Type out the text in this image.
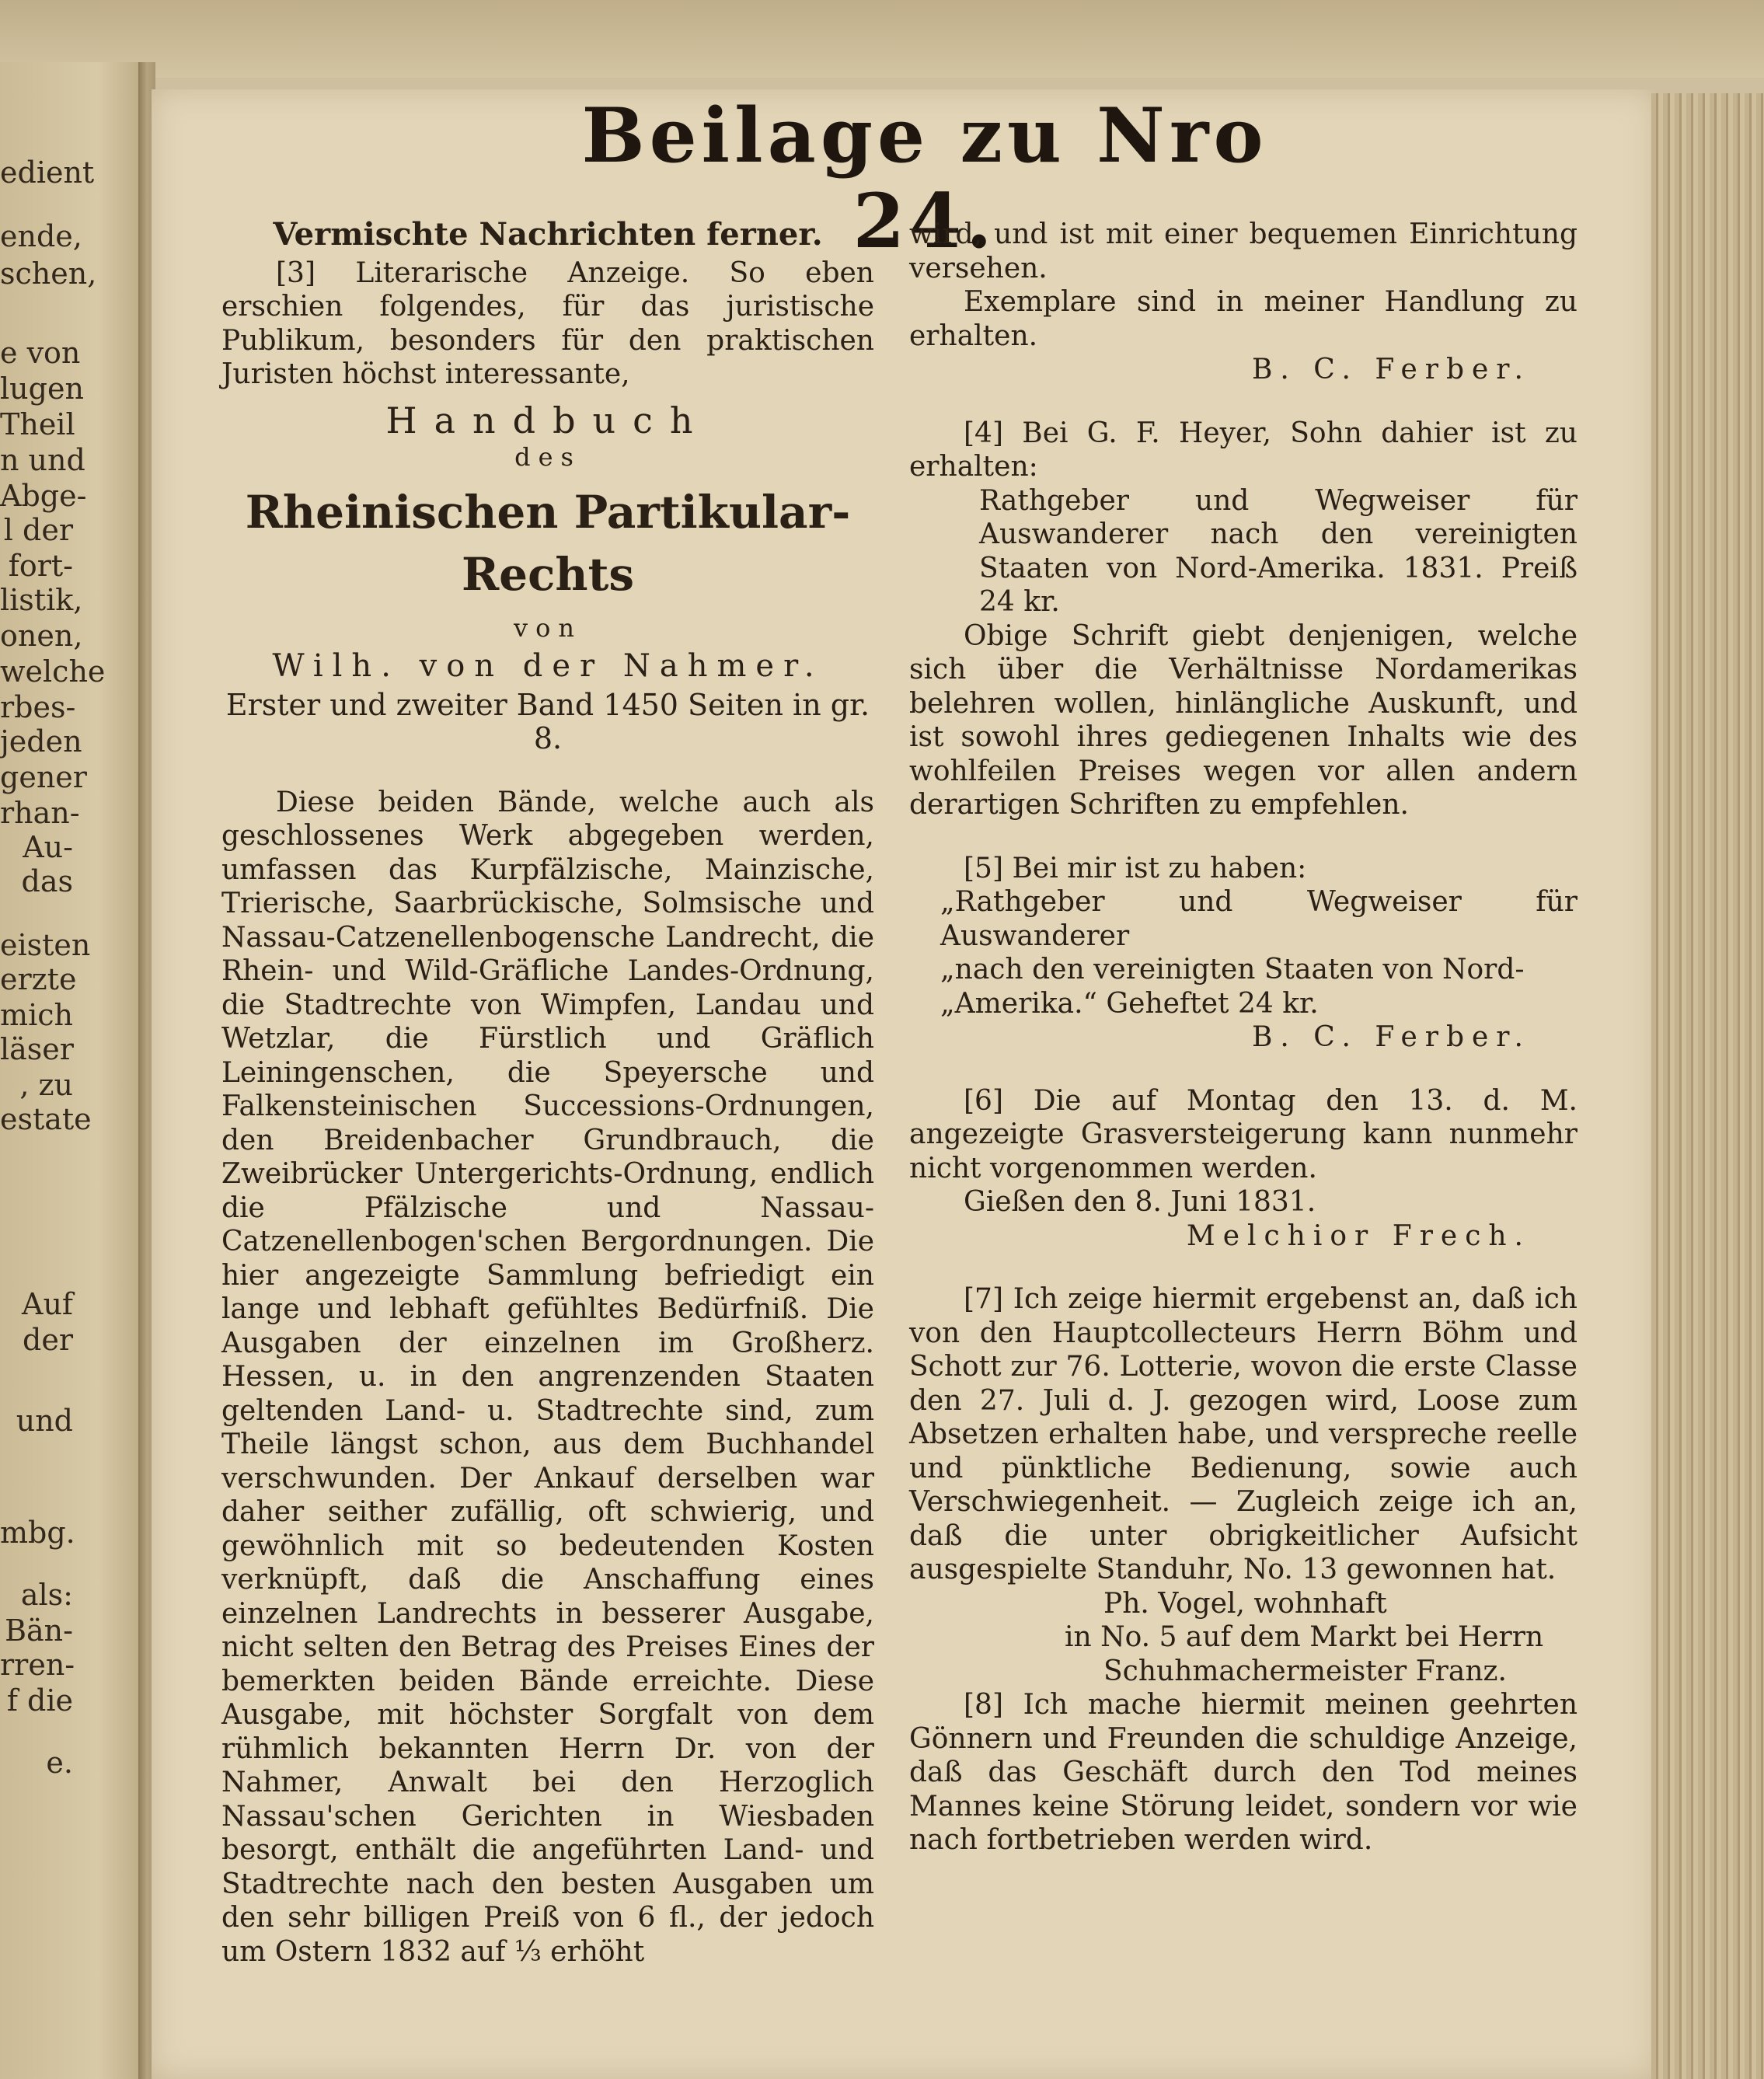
edient
ende,
schen,
e von
lugen
Theil
n und
Abge-
l der
fort-
listik,
onen,
welche
rbes-
jeden
gener
rhan-
Au-
das
eisten
erzte
mich
läser
, zu
estate
Auf
der
und
mbg.
als:
Bän-
rren-
f die
e.
Beilage zu Nro 24.
Vermischte Nachrichten ferner.

[3] Literarische Anzeige. So eben erschien folgendes, für das juristische Publikum, besonders für den praktischen Juristen höchst interessante,

Handbuch
des
Rheinischen Partikular-Rechts
von
Wilh. von der Nahmer.

Erster und zweiter Band 1450 Seiten in gr. 8.

Diese beiden Bände, welche auch als geschlossenes Werk abgegeben werden, umfassen das Kurpfälzische, Mainzische, Trierische, Saarbrückische, Solmsische und Nassau-Catzenellenbogensche Landrecht, die Rhein- und Wild-Gräfliche Landes-Ordnung, die Stadtrechte von Wimpfen, Landau und Wetzlar, die Fürstlich und Gräflich Leiningenschen, die Speyersche und Falkensteinischen Successions-Ordnungen, den Breidenbacher Grundbrauch, die Zweibrücker Untergerichts-Ordnung, endlich die Pfälzische und Nassau-Catzenellenbogen'schen Bergordnungen. Die hier angezeigte Sammlung befriedigt ein lange und lebhaft gefühltes Bedürfniß. Die Ausgaben der einzelnen im Großherz. Hessen, u. in den angrenzenden Staaten geltenden Land- u. Stadtrechte sind, zum Theile längst schon, aus dem Buchhandel verschwunden. Der Ankauf derselben war daher seither zufällig, oft schwierig, und gewöhnlich mit so bedeutenden Kosten verknüpft, daß die Anschaffung eines einzelnen Landrechts in besserer Ausgabe, nicht selten den Betrag des Preises Eines der bemerkten beiden Bände erreichte. Diese Ausgabe, mit höchster Sorgfalt von dem rühmlich bekannten Herrn Dr. von der Nahmer, Anwalt bei den Herzoglich Nassau'schen Gerichten in Wiesbaden besorgt, enthält die angeführten Land- und Stadtrechte nach den besten Ausgaben um den sehr billigen Preiß von 6 fl., der jedoch um Ostern 1832 auf ⅓ erhöht

wird, und ist mit einer bequemen Einrichtung versehen.

Exemplare sind in meiner Handlung zu erhalten.

B. C. Ferber.

[4] Bei G. F. Heyer, Sohn dahier ist zu erhalten:

Rathgeber und Wegweiser für Auswanderer nach den vereinigten Staaten von Nord-Amerika. 1831. Preiß 24 kr.

Obige Schrift giebt denjenigen, welche sich über die Verhältnisse Nordamerikas belehren wollen, hinlängliche Auskunft, und ist sowohl ihres gediegenen Inhalts wie des wohlfeilen Preises wegen vor allen andern derartigen Schriften zu empfehlen.

[5] Bei mir ist zu haben:

„Rathgeber und Wegweiser für Auswanderer

„nach den vereinigten Staaten von Nord-

„Amerika.“ Geheftet 24 kr.

B. C. Ferber.

[6] Die auf Montag den 13. d. M. angezeigte Grasversteigerung kann nunmehr nicht vorgenommen werden.

Gießen den 8. Juni 1831.

Melchior Frech.

[7] Ich zeige hiermit ergebenst an, daß ich von den Hauptcollecteurs Herrn Böhm und Schott zur 76. Lotterie, wovon die erste Classe den 27. Juli d. J. gezogen wird, Loose zum Absetzen erhalten habe, und verspreche reelle und pünktliche Bedienung, sowie auch Verschwiegenheit. — Zugleich zeige ich an, daß die unter obrigkeitlicher Aufsicht ausgespielte Standuhr, No. 13 gewonnen hat.

Ph. Vogel, wohnhaft

in No. 5 auf dem Markt bei Herrn

Schuhmachermeister Franz.

[8] Ich mache hiermit meinen geehrten Gönnern und Freunden die schuldige Anzeige, daß das Geschäft durch den Tod meines Mannes keine Störung leidet, sondern vor wie nach fortbetrieben werden wird.
